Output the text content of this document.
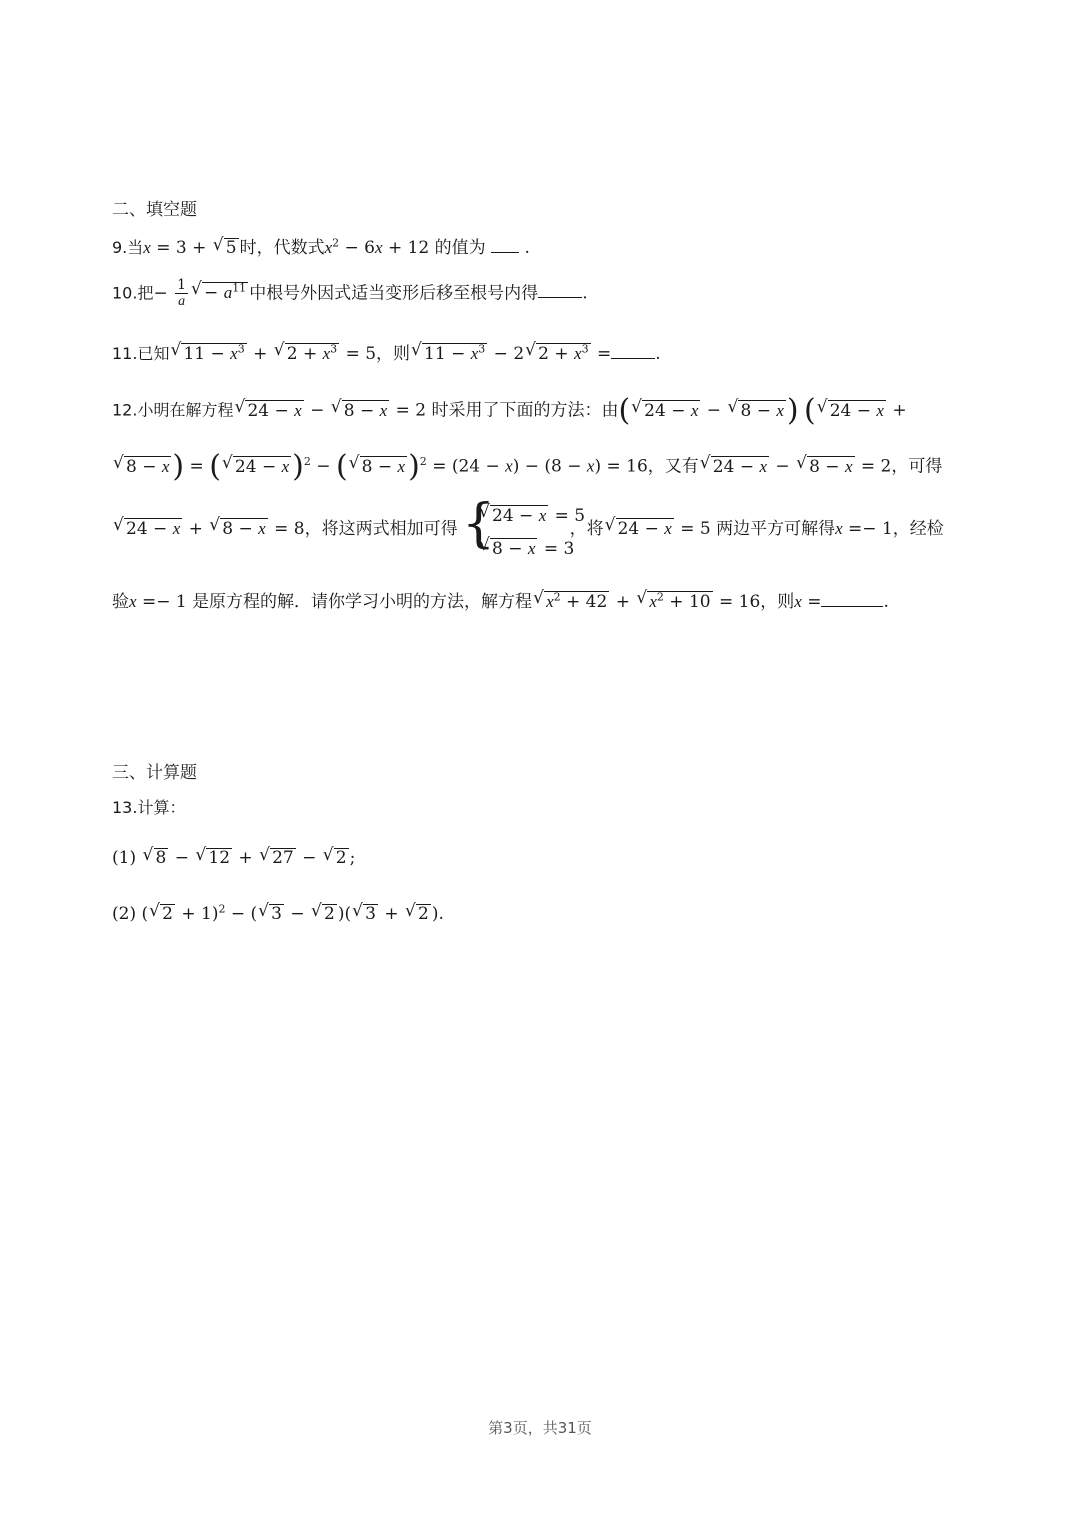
二、填空题
9.当x = 3 + √ 5 时，代数式$x^2 - 6x + 12$ 的值为 .
10.把− $\frac{1}{a}$
√ − $a^{11}$ 中根号外因式适当变形后移至根号内得	.
11.已知√ $11 - x^3$ + √ $2 + x^3 = 5$，则√ $11 - x^3 - 2√$ $2 + x^3$ =	.
12.小明在解方程√ 24 − x − √ 8 − x = 2 时采用了下面的方法：由(√ 24 − x − √ 8 − x ) (√ 24 − x +
√ 8 − x ) = (√ 24 − x )$^2$ − (√ 8 − x )$^2$ = (24 − x) − (8 − x) = 16，又有√ 24 − x − √ 8 − x = 2，可得
√ 24 − x + √ 8 − x = 8，将这两式相加可得	，将√ 24 − x = 5 两边平方可解得x =− 1，经检
{
√ 24 − x = 5
√ 8 − x = 3
验x =− 1 是原方程的解．请你学习小明的方法，解方程√ $x^2 + 42$ + √ $x^2 + 10 = 16$，则x =	.
三、计算题
13.计算：
(1) √ 8 − √ 12 + √ 27 − √ 2 ;
(2) (√ 2 + 1)$^2$ − (√ 3 − √ 2 )(√ 3 + √ 2 ).
第3页，共31页
